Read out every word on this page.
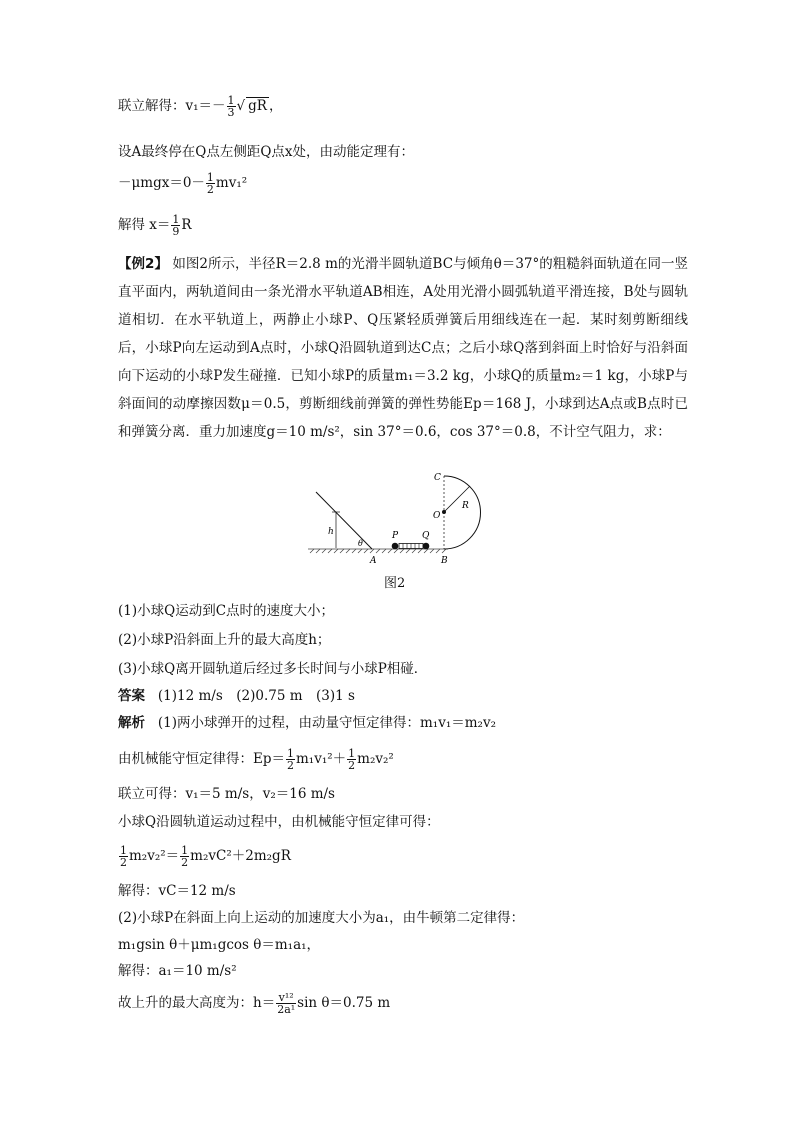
联立解得：$v_1=- \frac{1}{3}$ √ gR ，
设A最终停在Q点左侧距Q点x处，由动能定理有：
$-\mu mgx=0- \frac{1}{2} mv_1^2$
解得 $x= \frac{1}{9}$ R
【例2】 如图2所示，半径R＝2.8 m的光滑半圆轨道BC与倾角θ＝37°的粗糙斜面轨道在同一竖直平面内，两轨道间由一条光滑水平轨道AB相连，A处用光滑小圆弧轨道平滑连接，B处与圆轨道相切．在水平轨道上，两静止小球P、Q压紧轻质弹簧后用细线连在一起．某时刻剪断细线后，小球P向左运动到A点时，小球Q沿圆轨道到达C点；之后小球Q落到斜面上时恰好与沿斜面向下运动的小球P发生碰撞．已知小球P的质量m₁＝3.2 kg，小球Q的质量m₂＝1 kg，小球P与斜面间的动摩擦因数μ＝0.5，剪断细线前弹簧的弹性势能Ep＝168 J，小球到达A点或B点时已和弹簧分离．重力加速度g＝10 m/s²，sin 37°＝0.6，cos 37°＝0.8，不计空气阻力，求：
h
θ
A
P	Q
C
O
R
B
图2
(1)小球Q运动到C点时的速度大小；
(2)小球P沿斜面上升的最大高度h；
(3)小球Q离开圆轨道后经过多长时间与小球P相碰．
答案 (1)12 m/s　(2)0.75 m　(3)1 s
解析 (1)两小球弹开的过程，由动量守恒定律得：m₁v₁＝m₂v₂
由机械能守恒定律得：$Ep= \frac{1}{2} m_1v_1^2+ \frac{1}{2} m_2v_2^2$
联立可得：v₁＝5 m/s，v₂＝16 m/s
小球Q沿圆轨道运动过程中，由机械能守恒定律可得：
$\frac{1}{2} m_2v_2^2= \frac{1}{2} m_2vC^2+2m_2gR$
解得：vC＝12 m/s
(2)小球P在斜面上向上运动的加速度大小为a₁，由牛顿第二定律得：
m₁gsin θ＋μm₁gcos θ＝m₁a₁，
解得：a₁＝10 m/s²
故上升的最大高度为：$h= \frac{\text{v¹²}}{\text{2a¹}}$ sin θ＝0.75 m
